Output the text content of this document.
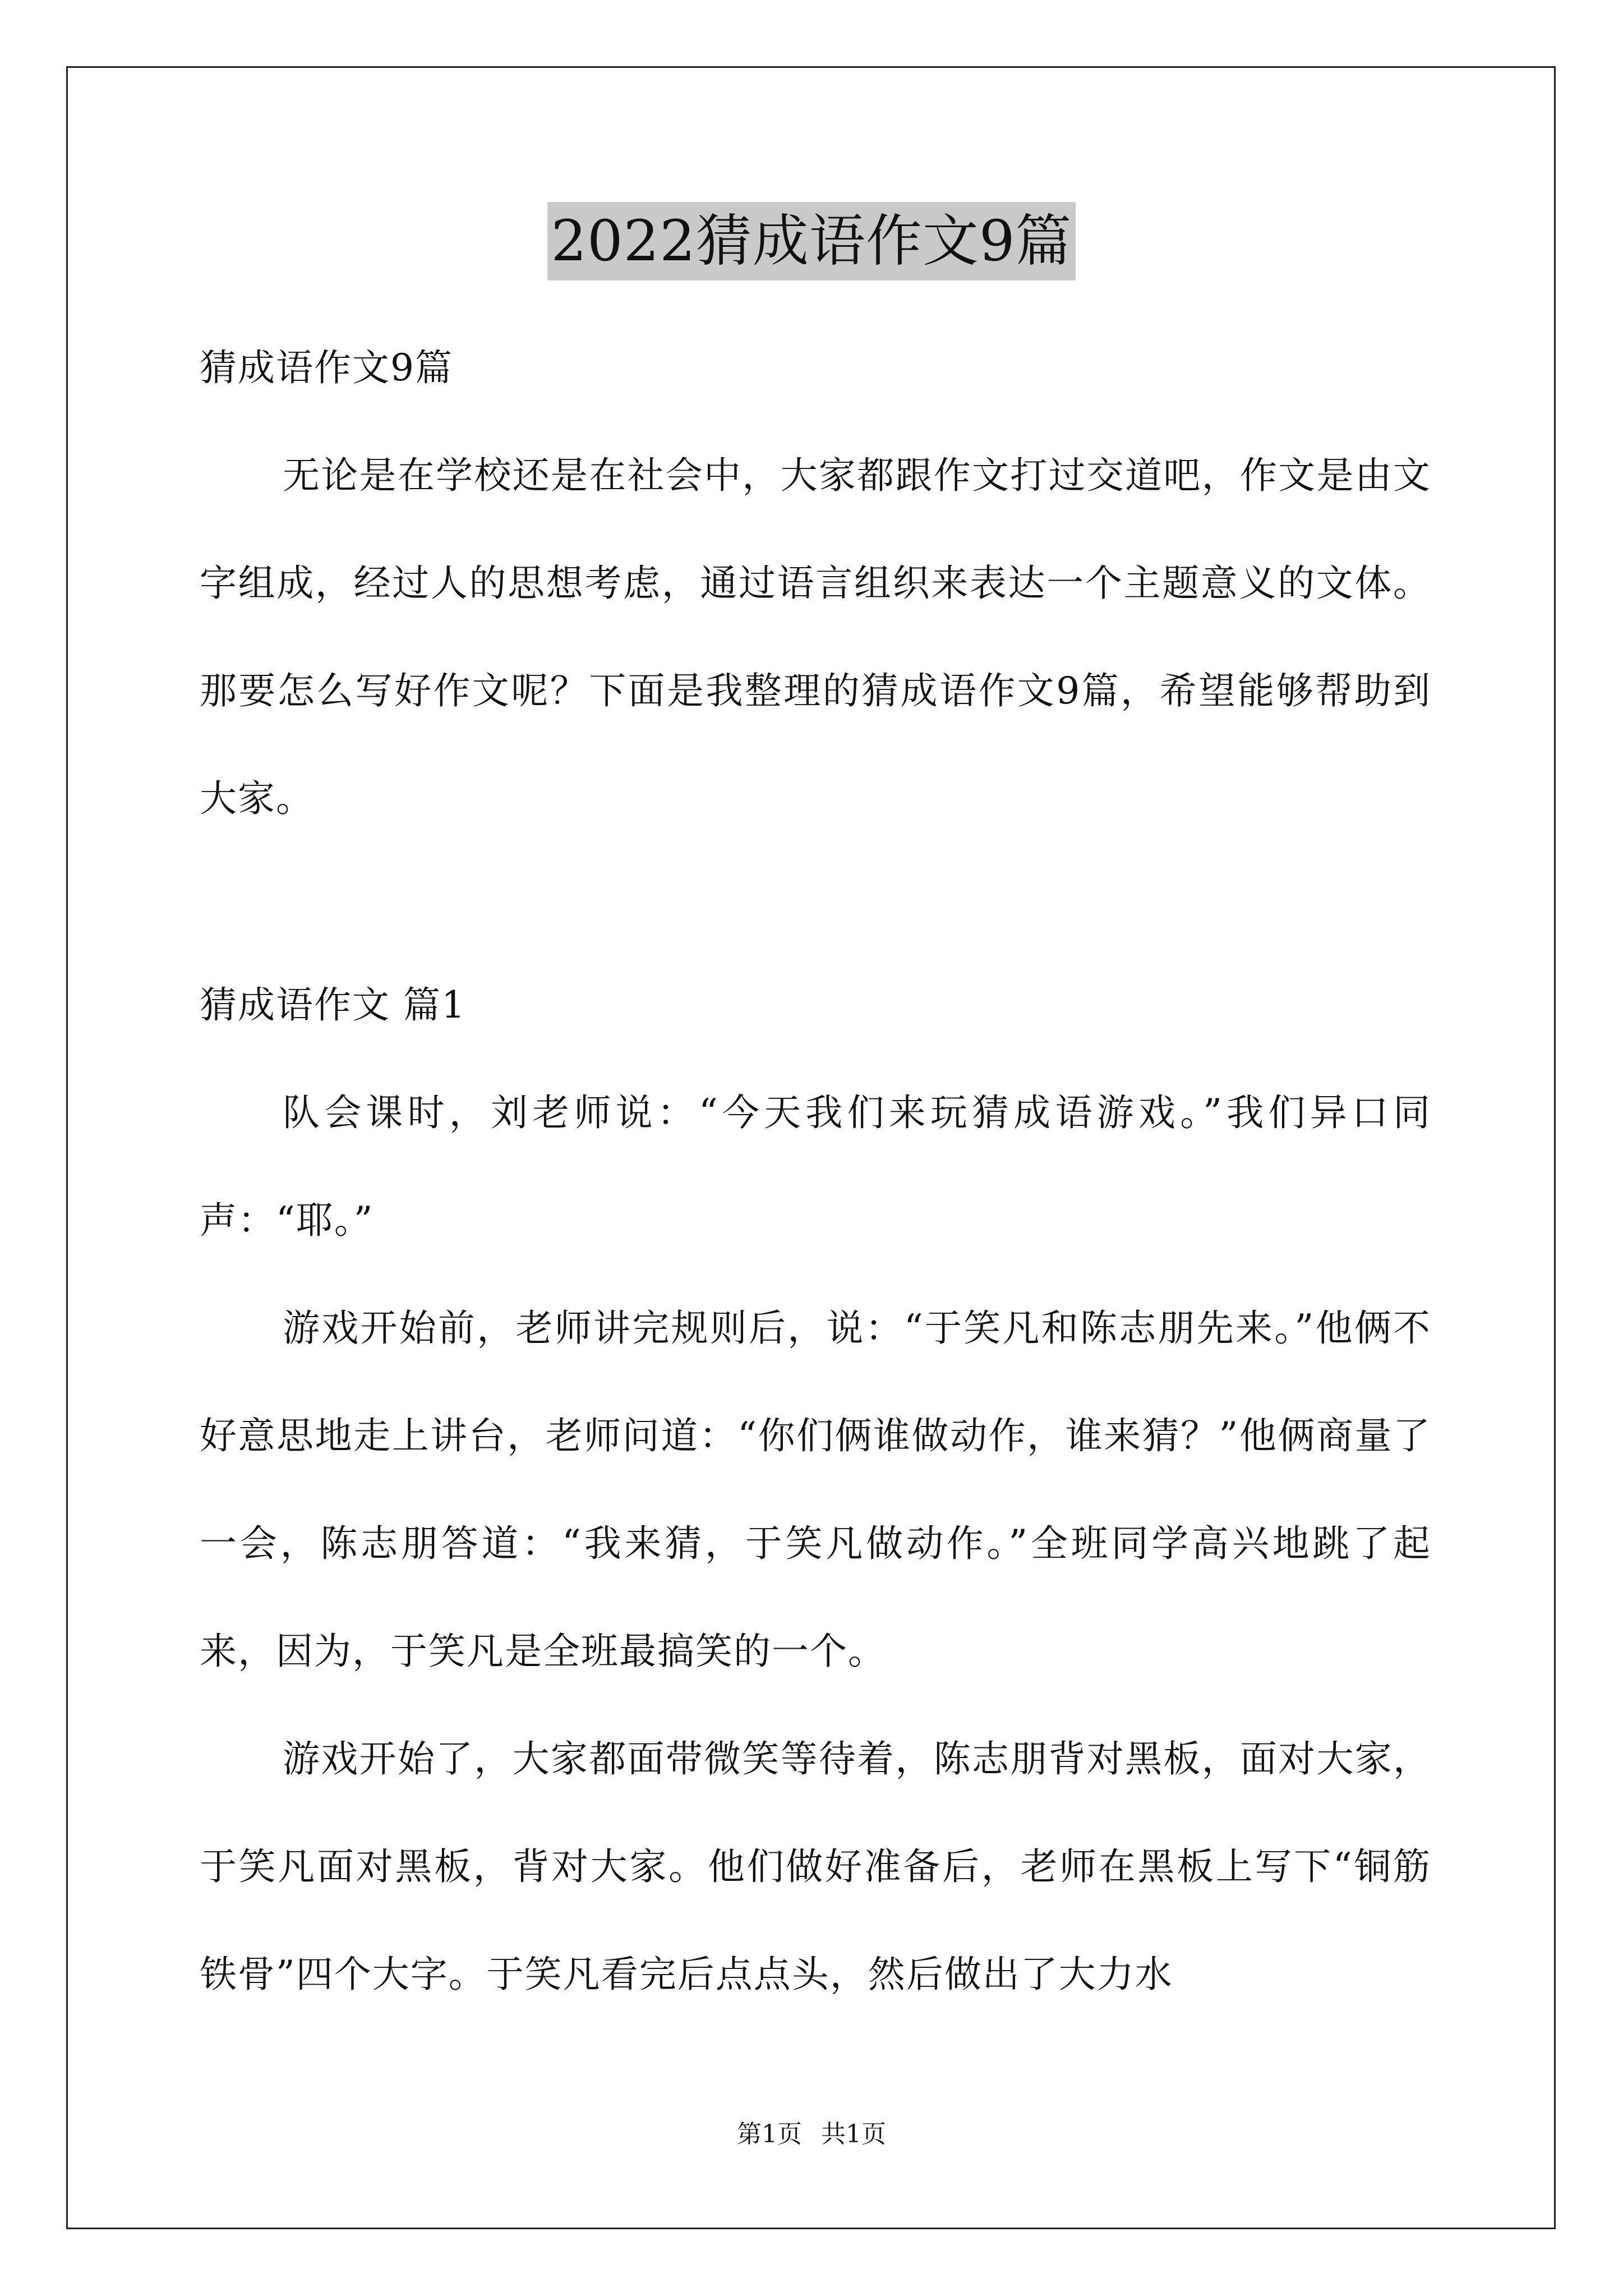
2022猜成语作文9篇

猜成语作文9篇

无论是在学校还是在社会中，大家都跟作文打过交道吧，作文是由文字组成，经过人的思想考虑，通过语言组织来表达一个主题意义的文体。那要怎么写好作文呢？下面是我整理的猜成语作文9篇，希望能够帮助到大家。

猜成语作文 篇1

队会课时，刘老师说：“今天我们来玩猜成语游戏。”我们异口同声：“耶。”

游戏开始前，老师讲完规则后，说：“于笑凡和陈志朋先来。”他俩不好意思地走上讲台，老师问道：“你们俩谁做动作，谁来猜？”他俩商量了一会，陈志朋答道：“我来猜，于笑凡做动作。”全班同学高兴地跳了起来，因为，于笑凡是全班最搞笑的一个。

游戏开始了，大家都面带微笑等待着，陈志朋背对黑板，面对大家，于笑凡面对黑板，背对大家。他们做好准备后，老师在黑板上写下“铜筋铁骨”四个大字。于笑凡看完后点点头，然后做出了大力水

第1页 共1页
